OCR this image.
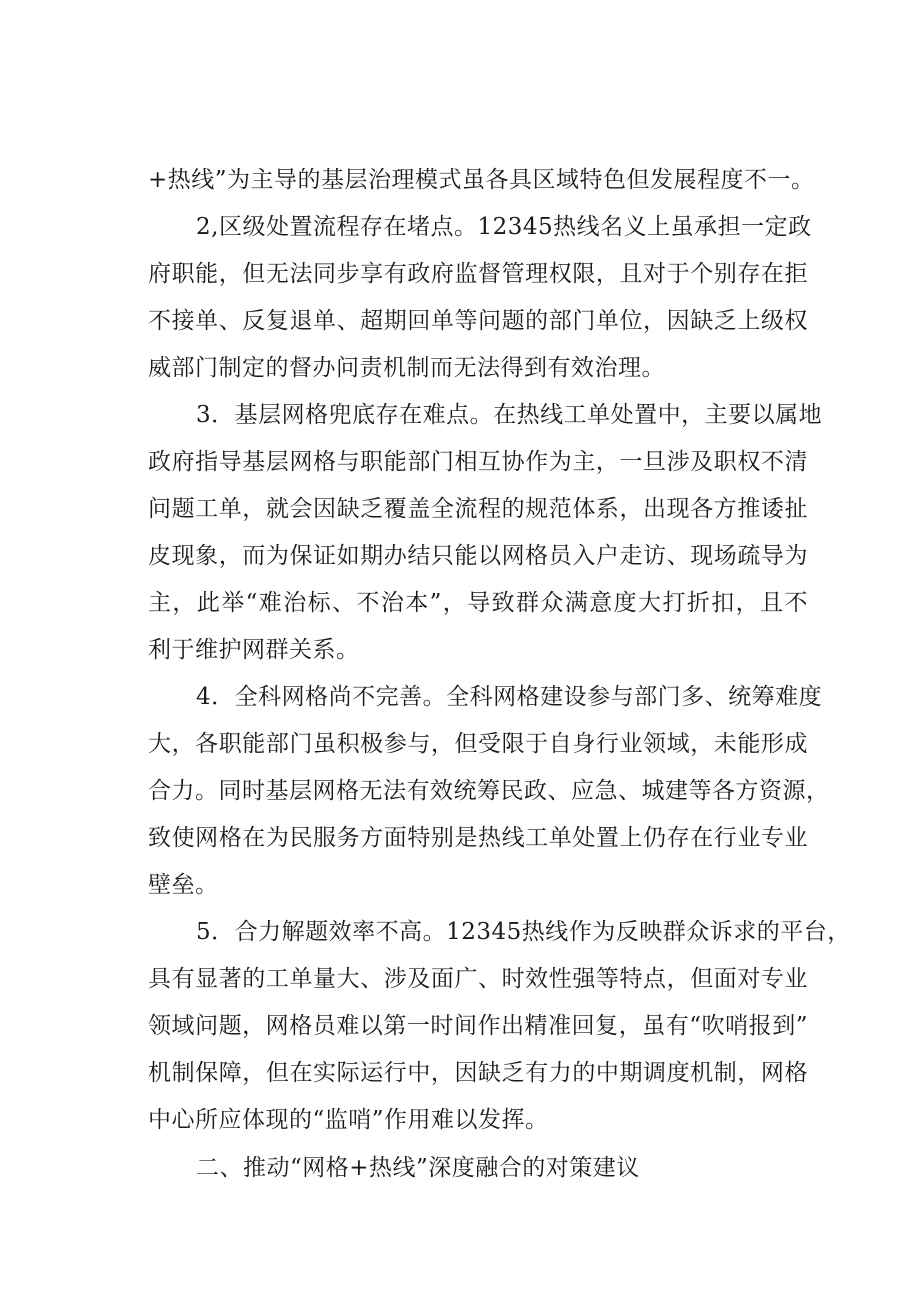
+热线”为主导的基层治理模式虽各具区域特色但发展程度不一。
2,区级处置流程存在堵点。12345热线名义上虽承担一定政
府职能，但无法同步享有政府监督管理权限，且对于个别存在拒
不接单、反复退单、超期回单等问题的部门单位，因缺乏上级权
威部门制定的督办问责机制而无法得到有效治理。
3．基层网格兜底存在难点。在热线工单处置中，主要以属地
政府指导基层网格与职能部门相互协作为主，一旦涉及职权不清
问题工单，就会因缺乏覆盖全流程的规范体系，出现各方推诿扯
皮现象，而为保证如期办结只能以网格员入户走访、现场疏导为
主，此举“难治标、不治本”，导致群众满意度大打折扣，且不
利于维护网群关系。
4．全科网格尚不完善。全科网格建设参与部门多、统筹难度
大，各职能部门虽积极参与，但受限于自身行业领域，未能形成
合力。同时基层网格无法有效统筹民政、应急、城建等各方资源，
致使网格在为民服务方面特别是热线工单处置上仍存在行业专业
壁垒。
5．合力解题效率不高。12345热线作为反映群众诉求的平台，
具有显著的工单量大、涉及面广、时效性强等特点，但面对专业
领域问题，网格员难以第一时间作出精准回复，虽有“吹哨报到”
机制保障，但在实际运行中，因缺乏有力的中期调度机制，网格
中心所应体现的“监哨”作用难以发挥。
二、推动“网格+热线”深度融合的对策建议
